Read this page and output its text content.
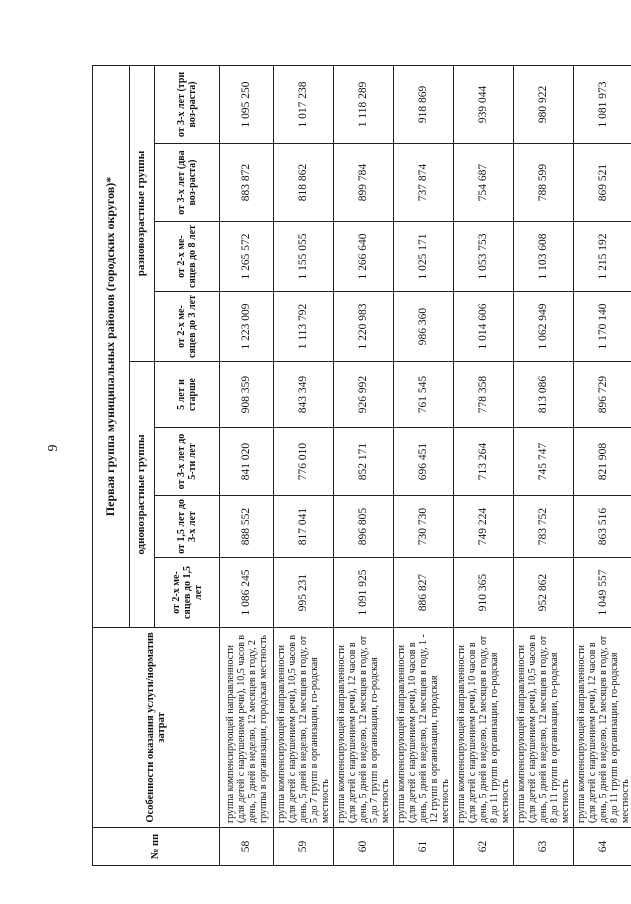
9
№ пп	Особенности оказания услуги/норматив затрат	Первая группа муниципальных районов (городских округов)*							
		одновозрастные группы				разновозрастные группы			
		от 2-х ме-сяцев до 1,5 лет	от 1,5 лет до 3-х лет	от 3-х лет до 5-ти лет	5 лет и старше	от 2-х ме-сяцев до 3 лет	от 2-х ме-сяцев до 8 лет	от 3-х лет (два воз-раста)	от 3-х лет (три воз-раста)
58	группа компенсирующей направленности (для детей с нарушением речи), 10,5 часов в день, 5 дней в неделю, 12 месяцев в году, 2 группы в организации, городская местность	1 086 245	888 552	841 020	908 359	1 223 009	1 265 572	883 872	1 095 250
59	группа компенсирующей направленности (для детей с нарушением речи), 10,5 часов в день, 5 дней в неделю, 12 месяцев в году, от 5 до 7 групп в организации, го-родская местность	995 231	817 041	776 010	843 349	1 113 792	1 155 055	818 862	1 017 238
60	группа компенсирующей направленности (для детей с нарушением речи), 12 часов в день, 5 дней в неделю, 12 месяцев в году, от 5 до 7 групп в организации, го-родская местность	1 091 925	896 805	852 171	926 992	1 220 983	1 266 640	899 784	1 118 289
61	группа компенсирующей направленности (для детей с нарушением речи), 10 часов в день, 5 дней в неделю, 12 месяцев в году, 1 - 12 групп в организации, городская местность	886 827	730 730	696 451	761 545	986 360	1 025 171	737 874	918 869
62	группа компенсирующей направленности (для детей с нарушением речи), 10 часов в день, 5 дней в неделю, 12 месяцев в году, от 8 до 11 групп в организации, го-родская местность	910 365	749 224	713 264	778 358	1 014 606	1 053 753	754 687	939 044
63	группа компенсирующей направленности (для детей с нарушением речи), 10,5 часов в день, 5 дней в неделю, 12 месяцев в году, от 8 до 11 групп в организации, го-родская местность	952 862	783 752	745 747	813 086	1 062 949	1 103 608	788 599	980 922
64	группа компенсирующей направленности (для детей с нарушением речи), 12 часов в день, 5 дней в неделю, 12 месяцев в году, от 8 до 11 групп в организации, го-родская местность	1 049 557	863 516	821 908	896 729	1 170 140	1 215 192	869 521	1 081 973
